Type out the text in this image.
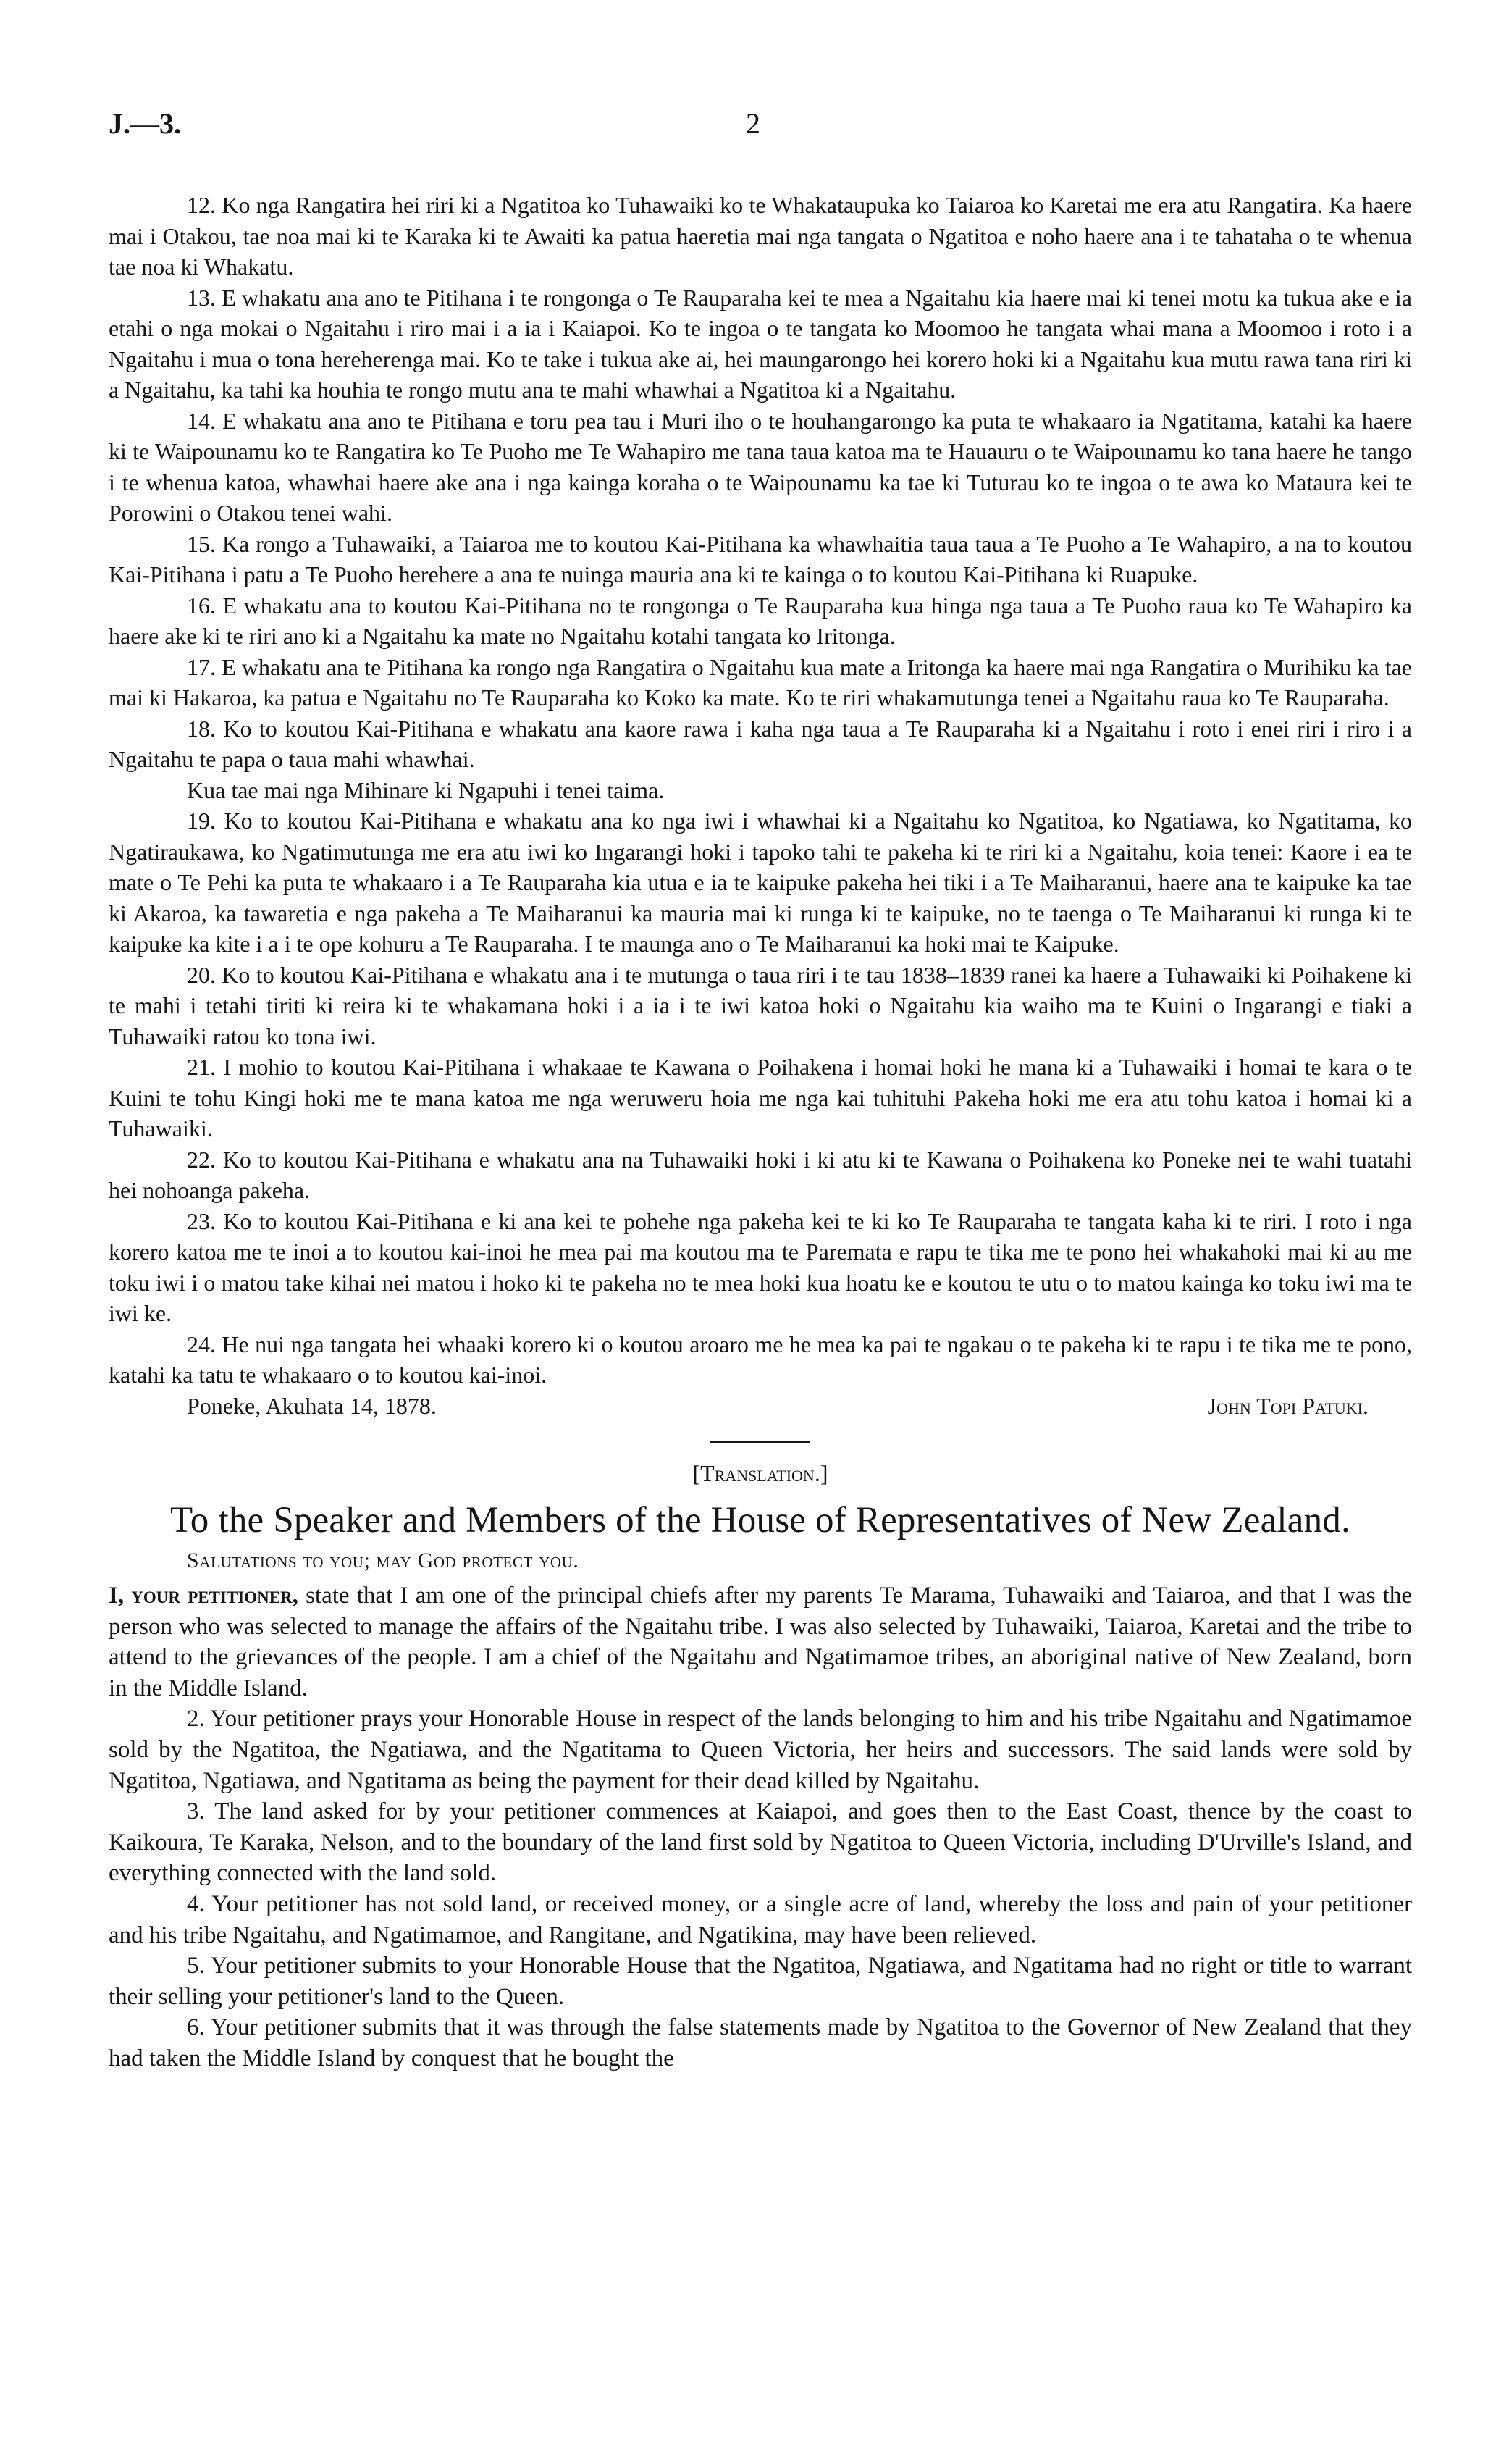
J.—3.	2

12. Ko nga Rangatira hei riri ki a Ngatitoa ko Tuhawaiki ko te Whakataupuka ko Taiaroa ko Karetai me era atu Rangatira. Ka haere mai i Otakou, tae noa mai ki te Karaka ki te Awaiti ka patua haeretia mai nga tangata o Ngatitoa e noho haere ana i te tahataha o te whenua tae noa ki Whakatu.

13. E whakatu ana ano te Pitihana i te rongonga o Te Rauparaha kei te mea a Ngaitahu kia haere mai ki tenei motu ka tukua ake e ia etahi o nga mokai o Ngaitahu i riro mai i a ia i Kaiapoi. Ko te ingoa o te tangata ko Moomoo he tangata whai mana a Moomoo i roto i a Ngaitahu i mua o tona hereherenga mai. Ko te take i tukua ake ai, hei maungarongo hei korero hoki ki a Ngaitahu kua mutu rawa tana riri ki a Ngaitahu, ka tahi ka houhia te rongo mutu ana te mahi whawhai a Ngatitoa ki a Ngaitahu.

14. E whakatu ana ano te Pitihana e toru pea tau i Muri iho o te houhangarongo ka puta te whakaaro ia Ngatitama, katahi ka haere ki te Waipounamu ko te Rangatira ko Te Puoho me Te Wahapiro me tana taua katoa ma te Hauauru o te Waipounamu ko tana haere he tango i te whenua katoa, whawhai haere ake ana i nga kainga koraha o te Waipounamu ka tae ki Tuturau ko te ingoa o te awa ko Mataura kei te Porowini o Otakou tenei wahi.

15. Ka rongo a Tuhawaiki, a Taiaroa me to koutou Kai-Pitihana ka whawhaitia taua taua a Te Puoho a Te Wahapiro, a na to koutou Kai-Pitihana i patu a Te Puoho herehere a ana te nuinga mauria ana ki te kainga o to koutou Kai-Pitihana ki Ruapuke.

16. E whakatu ana to koutou Kai-Pitihana no te rongonga o Te Rauparaha kua hinga nga taua a Te Puoho raua ko Te Wahapiro ka haere ake ki te riri ano ki a Ngaitahu ka mate no Ngaitahu kotahi tangata ko Iritonga.

17. E whakatu ana te Pitihana ka rongo nga Rangatira o Ngaitahu kua mate a Iritonga ka haere mai nga Rangatira o Murihiku ka tae mai ki Hakaroa, ka patua e Ngaitahu no Te Rauparaha ko Koko ka mate. Ko te riri whakamutunga tenei a Ngaitahu raua ko Te Rauparaha.

18. Ko to koutou Kai-Pitihana e whakatu ana kaore rawa i kaha nga taua a Te Rauparaha ki a Ngaitahu i roto i enei riri i riro i a Ngaitahu te papa o taua mahi whawhai.

Kua tae mai nga Mihinare ki Ngapuhi i tenei taima.

19. Ko to koutou Kai-Pitihana e whakatu ana ko nga iwi i whawhai ki a Ngaitahu ko Ngatitoa, ko Ngatiawa, ko Ngatitama, ko Ngatiraukawa, ko Ngatimutunga me era atu iwi ko Ingarangi hoki i tapoko tahi te pakeha ki te riri ki a Ngaitahu, koia tenei: Kaore i ea te mate o Te Pehi ka puta te whakaaro i a Te Rauparaha kia utua e ia te kaipuke pakeha hei tiki i a Te Maiharanui, haere ana te kaipuke ka tae ki Akaroa, ka tawaretia e nga pakeha a Te Maiharanui ka mauria mai ki runga ki te kaipuke, no te taenga o Te Maiharanui ki runga ki te kaipuke ka kite i a i te ope kohuru a Te Rauparaha. I te maunga ano o Te Maiharanui ka hoki mai te Kaipuke.

20. Ko to koutou Kai-Pitihana e whakatu ana i te mutunga o taua riri i te tau 1838–1839 ranei ka haere a Tuhawaiki ki Poihakene ki te mahi i tetahi tiriti ki reira ki te whakamana hoki i a ia i te iwi katoa hoki o Ngaitahu kia waiho ma te Kuini o Ingarangi e tiaki a Tuhawaiki ratou ko tona iwi.

21. I mohio to koutou Kai-Pitihana i whakaae te Kawana o Poihakena i homai hoki he mana ki a Tuhawaiki i homai te kara o te Kuini te tohu Kingi hoki me te mana katoa me nga weruweru hoia me nga kai tuhituhi Pakeha hoki me era atu tohu katoa i homai ki a Tuhawaiki.

22. Ko to koutou Kai-Pitihana e whakatu ana na Tuhawaiki hoki i ki atu ki te Kawana o Poihakena ko Poneke nei te wahi tuatahi hei nohoanga pakeha.

23. Ko to koutou Kai-Pitihana e ki ana kei te pohehe nga pakeha kei te ki ko Te Rauparaha te tangata kaha ki te riri. I roto i nga korero katoa me te inoi a to koutou kai-inoi he mea pai ma koutou ma te Paremata e rapu te tika me te pono hei whakahoki mai ki au me toku iwi i o matou take kihai nei matou i hoko ki te pakeha no te mea hoki kua hoatu ke e koutou te utu o to matou kainga ko toku iwi ma te iwi ke.

24. He nui nga tangata hei whaaki korero ki o koutou aroaro me he mea ka pai te ngakau o te pakeha ki te rapu i te tika me te pono, katahi ka tatu te whakaaro o to koutou kai-inoi.

Poneke, Akuhata 14, 1878.	John Topi Patuki.

[Translation.]

To the Speaker and Members of the House of Representatives of New Zealand.

Salutations to you; may God protect you.

I, your petitioner, state that I am one of the principal chiefs after my parents Te Marama, Tuhawaiki and Taiaroa, and that I was the person who was selected to manage the affairs of the Ngaitahu tribe. I was also selected by Tuhawaiki, Taiaroa, Karetai and the tribe to attend to the grievances of the people. I am a chief of the Ngaitahu and Ngatimamoe tribes, an aboriginal native of New Zealand, born in the Middle Island.

2. Your petitioner prays your Honorable House in respect of the lands belonging to him and his tribe Ngaitahu and Ngatimamoe sold by the Ngatitoa, the Ngatiawa, and the Ngatitama to Queen Victoria, her heirs and successors. The said lands were sold by Ngatitoa, Ngatiawa, and Ngatitama as being the payment for their dead killed by Ngaitahu.

3. The land asked for by your petitioner commences at Kaiapoi, and goes then to the East Coast, thence by the coast to Kaikoura, Te Karaka, Nelson, and to the boundary of the land first sold by Ngatitoa to Queen Victoria, including D'Urville's Island, and everything connected with the land sold.

4. Your petitioner has not sold land, or received money, or a single acre of land, whereby the loss and pain of your petitioner and his tribe Ngaitahu, and Ngatimamoe, and Rangitane, and Ngatikina, may have been relieved.

5. Your petitioner submits to your Honorable House that the Ngatitoa, Ngatiawa, and Ngatitama had no right or title to warrant their selling your petitioner's land to the Queen.

6. Your petitioner submits that it was through the false statements made by Ngatitoa to the Governor of New Zealand that they had taken the Middle Island by conquest that he bought the
